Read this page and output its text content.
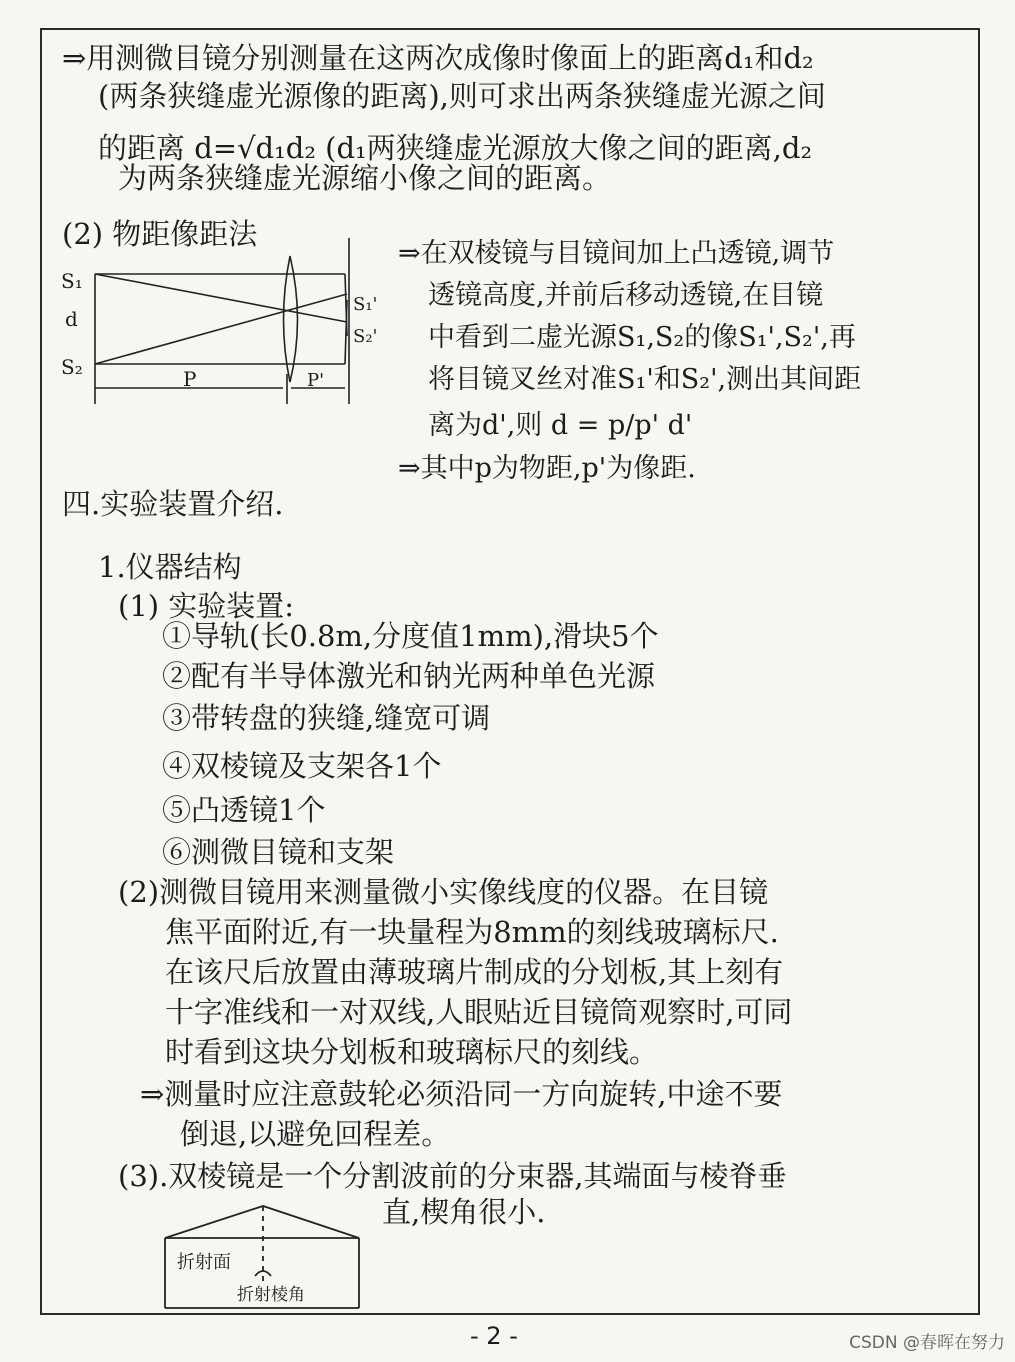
⇒用测微目镜分别测量在这两次成像时像面上的距离d₁和d₂
(两条狭缝虚光源像的距离),则可求出两条狭缝虚光源之间
的距离 d=√d₁d₂ (d₁两狭缝虚光源放大像之间的距离,d₂
为两条狭缝虚光源缩小像之间的距离。
(2) 物距像距法
⇒在双棱镜与目镜间加上凸透镜,调节
透镜高度,并前后移动透镜,在目镜
中看到二虚光源S₁,S₂的像S₁',S₂',再
将目镜叉丝对准S₁'和S₂',测出其间距
离为d',则 d = p/p' d'
⇒其中p为物距,p'为像距.
四.实验装置介绍.
1.仪器结构
(1) 实验装置:
①导轨(长0.8m,分度值1mm),滑块5个
②配有半导体激光和钠光两种单色光源
③带转盘的狭缝,缝宽可调
④双棱镜及支架各1个
⑤凸透镜1个
⑥测微目镜和支架
(2)测微目镜用来测量微小实像线度的仪器。在目镜
焦平面附近,有一块量程为8mm的刻线玻璃标尺.
在该尺后放置由薄玻璃片制成的分划板,其上刻有
十字准线和一对双线,人眼贴近目镜筒观察时,可同
时看到这块分划板和玻璃标尺的刻线。
⇒测量时应注意鼓轮必须沿同一方向旋转,中途不要
倒退,以避免回程差。
(3).双棱镜是一个分割波前的分束器,其端面与棱脊垂
直,楔角很小.
S₁
d
S₂
S₁'
S₂'
P	P'
折射面
折射棱角
- 2 -	CSDN @春晖在努力
